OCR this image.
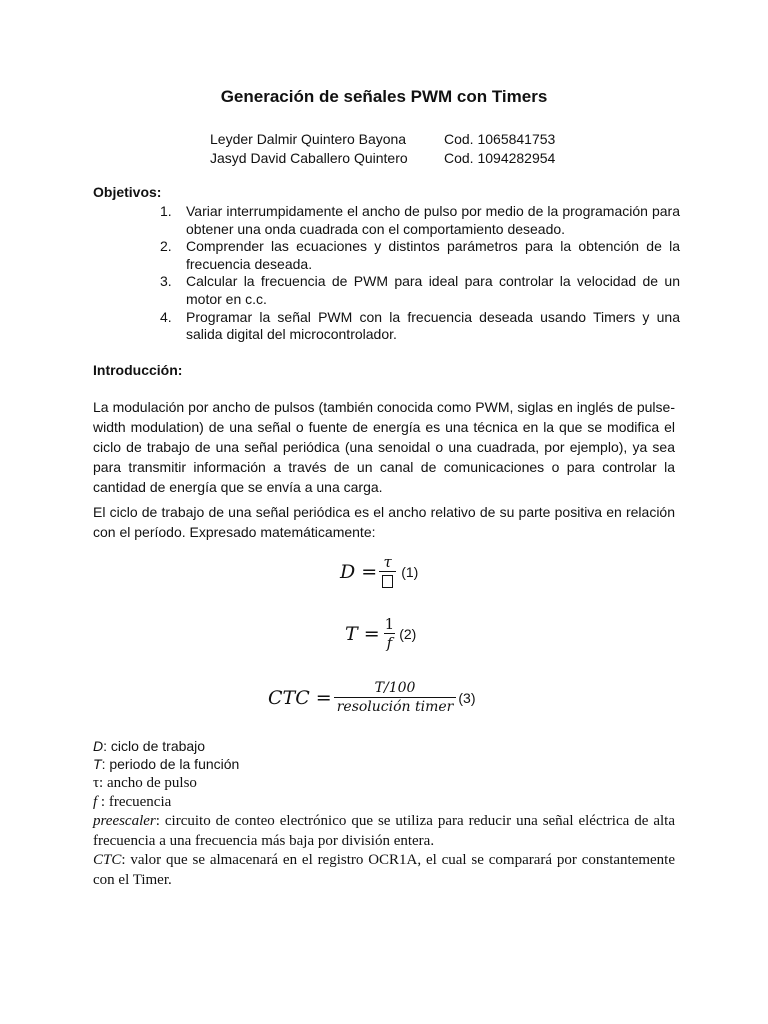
Generación de señales PWM con Timers
Leyder Dalmir Quintero Bayona	Cod. 1065841753
Jasyd David Caballero Quintero	Cod. 1094282954
Objetivos:
1.	Variar interrumpidamente el ancho de pulso por medio de la programación para obtener una onda cuadrada con el comportamiento deseado.
2.	Comprender las ecuaciones y distintos parámetros para la obtención de la frecuencia deseada.
3.	Calcular la frecuencia de PWM para ideal para controlar la velocidad de un motor en c.c.
4.	Programar la señal PWM con la frecuencia deseada usando Timers y una salida digital del microcontrolador.
Introducción:
La modulación por ancho de pulsos (también conocida como PWM, siglas en inglés de pulse-width modulation) de una señal o fuente de energía es una técnica en la que se modifica el ciclo de trabajo de una señal periódica (una senoidal o una cuadrada, por ejemplo), ya sea para transmitir información a través de un canal de comunicaciones o para controlar la cantidad de energía que se envía a una carga.
El ciclo de trabajo de una señal periódica es el ancho relativo de su parte positiva en relación con el período. Expresado matemáticamente:
D = τ
(1)
$T = \frac{1}{f} (2)$
CTC = $\frac{T/100}{\text{resolución timer}} (3)$
D: ciclo de trabajo
T: periodo de la función
τ: ancho de pulso
f : frecuencia
preescaler: circuito de conteo electrónico que se utiliza para reducir una señal eléctrica de alta frecuencia a una frecuencia más baja por división entera.
CTC: valor que se almacenará en el registro OCR1A, el cual se comparará por constantemente con el Timer.
